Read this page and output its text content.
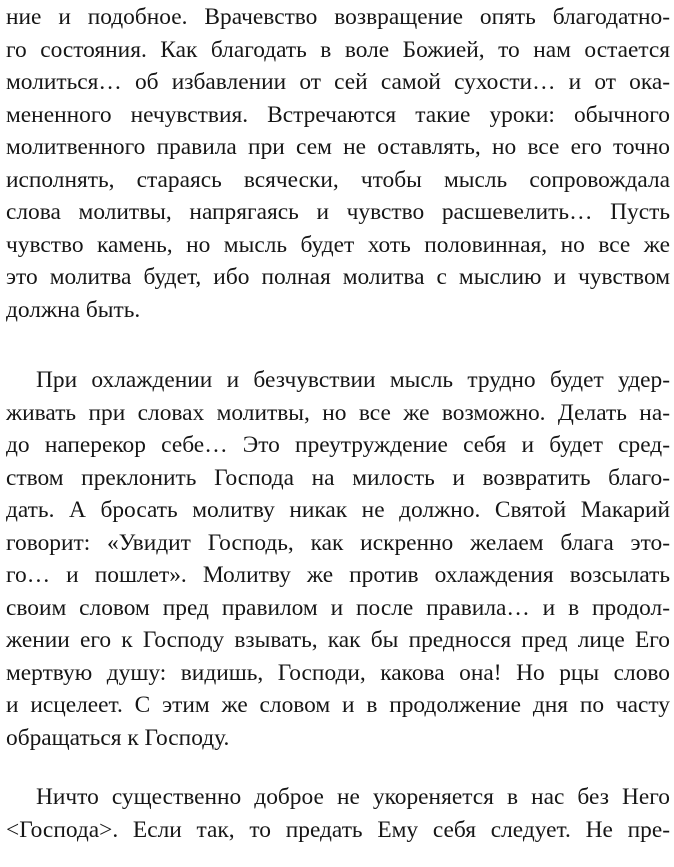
ние и подобное. Врачевство возвращение опять благодатно-
го состояния. Как благодать в воле Божией, то нам остается
молиться… об избавлении от сей самой сухости… и от ока-
мененного нечувствия. Встречаются такие уроки: обычного
молитвенного правила при сем не оставлять, но все его точно
исполнять, стараясь всячески, чтобы мысль сопровождала
слова молитвы, напрягаясь и чувство расшевелить… Пусть
чувство камень, но мысль будет хоть половинная, но все же
это молитва будет, ибо полная молитва с мыслию и чувством
должна быть.
При охлаждении и безчувствии мысль трудно будет удер-
живать при словах молитвы, но все же возможно. Делать на-
до наперекор себе… Это преутруждение себя и будет сред-
ством преклонить Господа на милость и возвратить благо-
дать. А бросать молитву никак не должно. Святой Макарий
говорит: «Увидит Господь, как искренно желаем блага это-
го… и пошлет». Молитву же против охлаждения возсылать
своим словом пред правилом и после правила… и в продол-
жении его к Господу взывать, как бы предносся пред лице Его
мертвую душу: видишь, Господи, какова она! Но рцы слово
и исцелеет. С этим же словом и в продолжение дня по часту
обращаться к Господу.
Ничто существенно доброе не укореняется в нас без Него
<Господа>. Если так, то предать Ему себя следует. Не пре-
